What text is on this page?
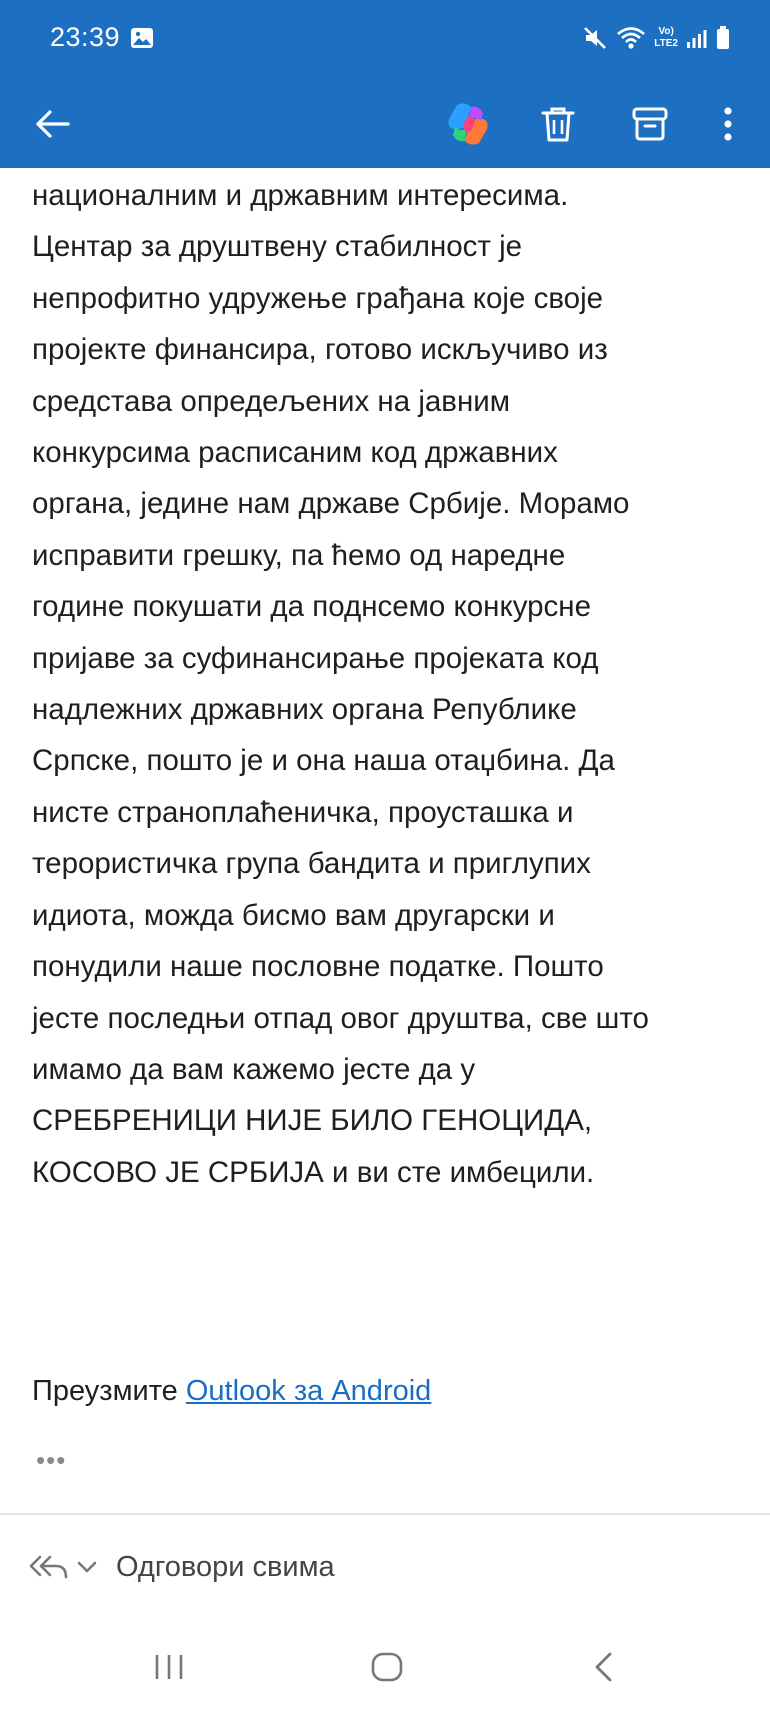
23:39	Vo)
LTE2
националним и државним интересима.
Центар за друштвену стабилност је
непрофитно удружење грађана које своје
пројекте финансира, готово искључиво из
средстава опредељених на јавним
конкурсима расписаним код државних
органа, једине нам државе Србије. Морамо
исправити грешку, па ћемо од наредне
године покушати да поднсемо конкурсне
пријаве за суфинансирање пројеката код
надлежних државних органа Републике
Српске, пошто је и она наша отаџбина. Да
нисте страноплаћеничка, проусташка и
терористичка група бандита и приглупих
идиота, можда бисмо вам другарски и
понудили наше пословне податке. Пошто
јесте последњи отпад овог друштва, све што
имамо да вам кажемо јесте да у
СРЕБРЕНИЦИ НИЈЕ БИЛО ГЕНОЦИДА,
КОСОВО ЈЕ СРБИЈА и ви сте имбецили.
Преузмите Outlook за Android
•••
Одговори свима
